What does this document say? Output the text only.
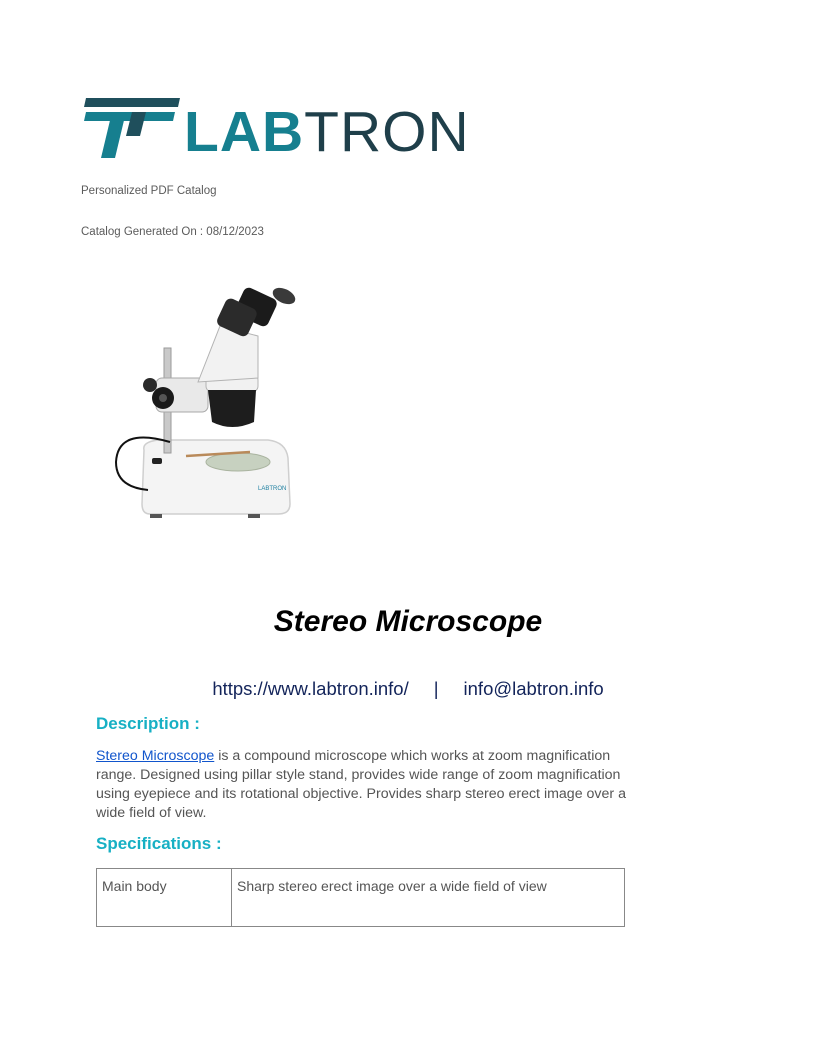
LABTRON
Personalized PDF Catalog
Catalog Generated On : 08/12/2023
LABTRON
Stereo Microscope
https://www.labtron.info/ | info@labtron.info
Description :
Stereo Microscope is a compound microscope which works at zoom magnification range. Designed using pillar style stand, provides wide range of zoom magnification using eyepiece and its rotational objective. Provides sharp stereo erect image over a wide field of view.
Specifications :
Main body	Sharp stereo erect image over a wide field of view
